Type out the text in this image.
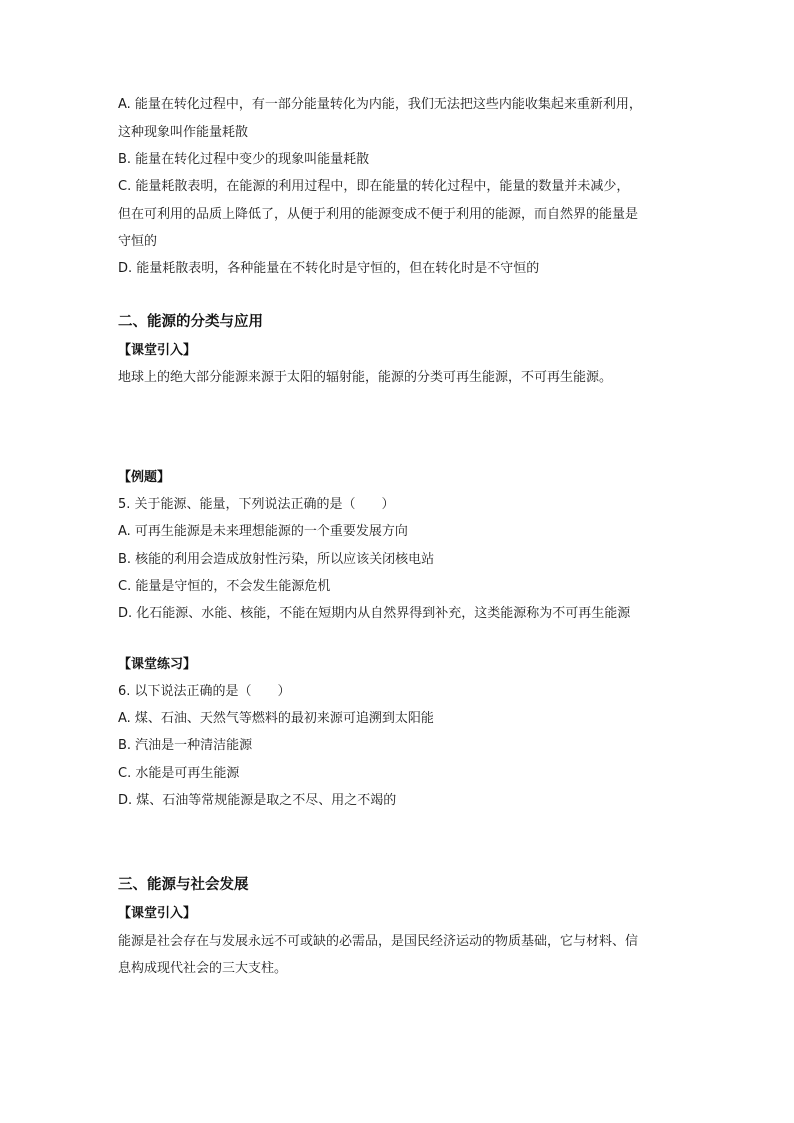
A. 能量在转化过程中，有一部分能量转化为内能，我们无法把这些内能收集起来重新利用，
这种现象叫作能量耗散
B. 能量在转化过程中变少的现象叫能量耗散
C. 能量耗散表明，在能源的利用过程中，即在能量的转化过程中，能量的数量并未减少，
但在可利用的品质上降低了，从便于利用的能源变成不便于利用的能源，而自然界的能量是
守恒的
D. 能量耗散表明，各种能量在不转化时是守恒的，但在转化时是不守恒的
二、能源的分类与应用
【课堂引入】
地球上的绝大部分能源来源于太阳的辐射能，能源的分类可再生能源，不可再生能源。
【例题】
5. 关于能源、能量，下列说法正确的是（　　）
A. 可再生能源是未来理想能源的一个重要发展方向
B. 核能的利用会造成放射性污染，所以应该关闭核电站
C. 能量是守恒的，不会发生能源危机
D. 化石能源、水能、核能，不能在短期内从自然界得到补充，这类能源称为不可再生能源
【课堂练习】
6. 以下说法正确的是（　　）
A. 煤、石油、天然气等燃料的最初来源可追溯到太阳能
B. 汽油是一种清洁能源
C. 水能是可再生能源
D. 煤、石油等常规能源是取之不尽、用之不竭的
三、能源与社会发展
【课堂引入】
能源是社会存在与发展永远不可或缺的必需品，是国民经济运动的物质基础，它与材料、信
息构成现代社会的三大支柱。
